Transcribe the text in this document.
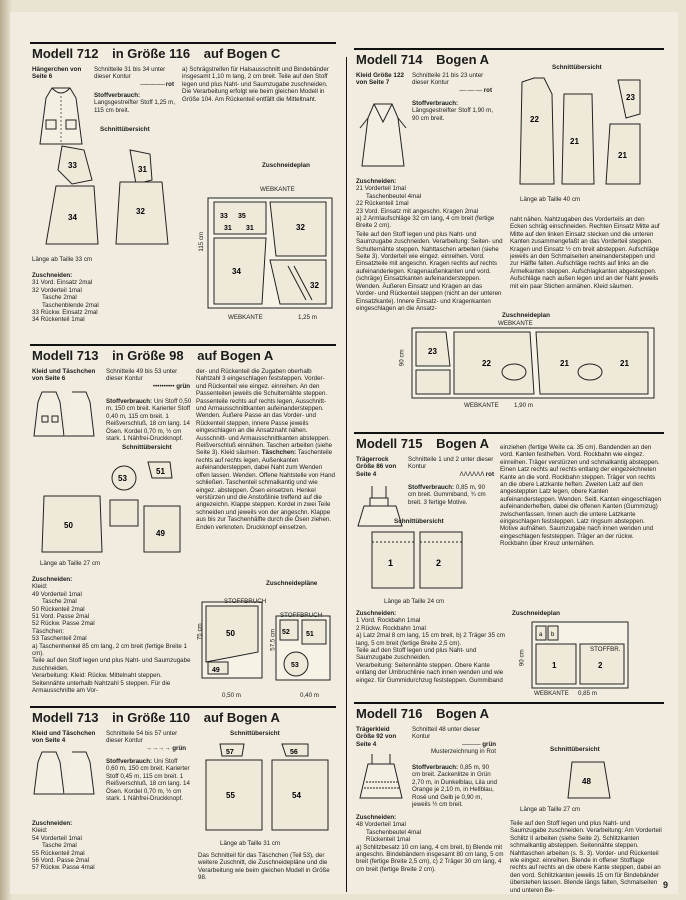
Modell 712 in Größe 116 auf Bogen C
Hängerchen von Seite 6
Schnitteile 31 bis 34 unter dieser Kontur
—·—·—·— rot
Stoffverbrauch: Langsgestreifter Stoff 1,25 m, 115 cm breit.
a) Schrägstreifen für Halsausschnitt und Bindebänder insgesamt 1,10 m lang, 2 cm breit. Teile auf den Stoff legen und plus Naht- und Saumzugabe zuschneiden. Die Verarbeitung erfolgt wie beim gleichen Modell in Größe 104. Am Rückenteil entfällt die Mitteltnaht.
Schnittübersicht
33
34
31
32
Zuschneideplan
Länge ab Taille 33 cm
Zuschneiden:
31 Vord. Einsatz 2mal
32 Vorderteil 1mal
Tasche 2mal
Taschenblende 2mal
33 Rückw. Einsatz 2mal
34 Rückenteil 1mal
WEBKANTE
33 35
31 31	32
34
32
115 cm
WEBKANTE	1,25 m
Modell 714 Bogen A
Kleid Größe 122 von Seite 7
Schnitteile 21 bis 23 unter dieser Kontur
—·—·— rot
Stoffverbrauch: Längsgestreifter Stoff 1,90 m, 90 cm breit.
Schnittübersicht
22
21
23
21
Länge ab Taille 40 cm
Zuschneiden:
21 Vorderteil 1mal
Taschenbeutel 4mal
22 Rückenteil 1mal
23 Vord. Einsatz mit angeschn. Kragen 2mal
a) 2 Armlaufschläge 32 cm lang, 4 cm breit (fertige Breite 2 cm).
Teile auf den Stoff legen und plus Naht- und Saumzugabe zuschneiden. Verarbeitung: Seiten- und Schulternähte steppen. Nahttaschen arbeiten (siehe Seite 3). Vorderteil wie eingez. einreihen. Vord. Einsatzteile mit angeschn. Kragen rechts auf rechts aufeinanderlegen. Kragenaußenkanten und vord. (schräge) Einsatzkanten aufeinandersteppen. Wenden. Äußeren Einsatz und Kragen an das Vorder- und Rückenteil steppen (nicht an der unteren Einsatzkante). Innere Einsatz- und Kragenkanten eingeschlagen an die Ansatz-
naht nähen. Nahtzugaben des Vorderteils an den Ecken schräg einschneiden. Rechten Einsatz Mitte auf Mitte auf den linken Einsatz stecken und die unteren Kanten zusammengefaßt an das Vorderteil steppen. Kragen und Einsatz ½ cm breit absteppen. Aufschläge jeweils an den Schmalseiten aneinandersteppen und zur Hälfte falten. Aufschläge rechts auf links an die Ärmelkanten steppen. Aufschlagkanten abgesteppen. Aufschläge nach außen legen und an der Naht jeweils mit ein paar Stichen annähen. Kleid säumen.
Zuschneideplan
WEBKANTE
23
22	21	21
90 cm
WEBKANTE 1,90 m
Modell 713 in Größe 98 auf Bogen A
Kleid und Täschchen von Seite 6
Schnitteile 49 bis 53 unter dieser Kontur
•••••••••• grün
Stoffverbrauch: Uni Stoff 0,50 m, 150 cm breit. Karierter Stoff 0,40 m, 115 cm breit. 1 Reißverschluß, 18 cm lang. 14 Ösen. Kordel 0,70 m, ½ cm stark. 1 Nähfrei-Druckknopf.
der- und Rückenteil die Zugaben oberhalb Nahtzahl 3 eingeschlagen feststeppen. Vorder- und Rückenteil wie eingez. einreihen. An den Passenteilen jeweils die Schulternähte steppen. Passenteile rechts auf rechts legen, Ausschnitt- und Armausschnittkanten aufeinandersteppen. Wenden. Äußere Passe an das Vorder- und Rückenteil steppen, innere Passe jeweils eingeschlagen an die Ansatznaht nähen. Ausschnitt- und Armausschnittkanten absteppen. Reißverschluß einnähen. Taschen arbeiten (siehe Seite 3). Kleid säumen. Täschchen: Taschenteile rechts auf rechts legen, Außenkanten aufeinandersteppen, dabei Naht zum Wenden offen lassen. Wenden. Offene Nahtstelle von Hand schließen. Taschenteil schmalkantig und wie eingez. absteppen. Ösen einsetzen. Henkel verstürzen und die Anstoßlinie treffend auf die angezeichn. Klappe steppen. Kordel in zwei Teile schneiden und jeweils von der angeschn. Klappe aus bis zur Taschenhälfte durch die Ösen ziehen. Enden verknoten. Druckknopf einsetzen.
Schnittübersicht
50
53
51
49
Länge ab Taille 27 cm
Zuschneiden:
Kleid:
49 Vorderteil 1mal
Tasche 2mal
50 Rückenteil 2mal
51 Vord. Passe 2mal
52 Rückw. Passe 2mal
Täschchen:
53 Taschenteil 2mal
a) Taschenhenkel 85 cm lang, 2 cm breit (fertige Breite 1 cm).
Teile auf den Stoff legen und plus Naht- und Saumzugabe zuschneiden.
Verarbeitung: Kleid: Rückw. Mittelnaht steppen. Seitennähte unterhalb Nahtzahl 5 steppen. Für die Armausschnitte am Vor-
Zuschneidepläne
50
49
52 51
53
STOFFBRUCH
STOFFBRUCH
75 cm	57,5 cm
0,50 m	0,40 m
Modell 715 Bogen A
Trägerrock Größe 86 von Seite 4
Schnitteile 1 und 2 unter dieser Kontur
ΛΛΛΛΛΛ rot
Stoffverbrauch: 0,85 m, 90 cm breit. Gummiband, ¾ cm breit. 3 fertige Motive.
einziehen (fertige Weite ca. 35 cm). Bandenden an den vord. Kanten festheften. Vord. Rockbahn wie eingez. einreihen. Träger verstürzen und schmalkantig absteppen. Einen Latz rechts auf rechts entlang der eingezeichneten Kante an die vord. Rockbahn steppen. Träger von rechts an die obere Latzkante heften. Zweiten Latz auf den angesteppten Latz legen, obere Kanten aufeinandersteppen. Wenden. Seitl. Kanten eingeschlagen aufeinanderheften, dabei die offenen Kanten (Gummizug) zwischenfassen. Innen auch die untere Latzkante eingeschlagen feststeppen. Latz ringsum absteppen. Motive aufnähen. Saumzugabe nach innen wenden und eingeschlagen feststeppen. Träger an der rückw. Rockbahn über Kreuz unternähen.
Schnittübersicht
1	2
Länge ab Taille 24 cm
Zuschneiden:
1 Vord. Rockbahn 1mal
2 Rückw. Rockbahn 1mal
a) Latz 2mal 8 cm lang, 15 cm breit, b) 2 Träger 35 cm lang, 5 cm breit (fertige Breite 2,5 cm).
Teile auf den Stoff legen und plus Naht- und Saumzugabe zuschneiden.
Verarbeitung: Seitennähte steppen. Obere Kante entlang der Umbruchlinie nach innen wenden und wie eingez. für Gummidurchzug feststeppen. Gummiband
Zuschneideplan
a b
1	2
STOFFBR.
90 cm
WEBKANTE 0,85 m
Modell 713 in Größe 110 auf Bogen A
Kleid und Täschchen von Seite 4
Schnitteile 54 bis 57 unter dieser Kontur
→→→→ grün
Stoffverbrauch: Uni Stoff 0,60 m, 150 cm breit. Karierter Stoff 0,45 m, 115 cm breit. 1 Reißverschluß, 18 cm lang. 14 Ösen. Kordel 0,70 m, ½ cm stark. 1 Nähfrei-Druckknopf.
Schnittübersicht
57	56
55	54
Länge ab Taille 31 cm
Das Schnitteil für das Täschchen (Teil 53), der weitere Zuschnitt, die Zuschneidepläne und die Verarbeitung wie beim gleichen Modell in Größe 98.
Zuschneiden:
Kleid:
54 Vorderteil 1mal
Tasche 2mal
55 Rückenteil 2mal
56 Vord. Passe 2mal
57 Rückw. Passe 4mal
Modell 716 Bogen A
Trägerkleid Größe 92 von Seite 4
Schnitteil 48 unter dieser Kontur
——— grün
Musterzeichnung in Rot
Stoffverbrauch: 0,85 m, 90 cm breit. Zackenlitze in Grün 2,70 m, in Dunkelblau, Lila und Orange je 2,10 m, in Hellblau, Rosé und Gelb je 0,90 m, jeweils ½ cm breit.
Zuschneiden:
48 Vorderteil 1mal
Taschenbeutel 4mal
Rückenteil 1mal
a) Schlitzbesatz 10 cm lang, 4 cm breit, b) Blende mit angeschn. Bindebändern insgesamt 80 cm lang, 5 cm breit (fertige Breite 2,5 cm), c) 2 Träger 30 cm lang, 4 cm breit (fertige Breite 2 cm).
Schnittübersicht
48
Länge ab Taille 27 cm
Teile auf den Stoff legen und plus Naht- und Saumzugabe zuschneiden. Verarbeitung: Am Vorderteil Schlitz II arbeiten (siehe Seite 2). Schlitzkanten schmalkantig absteppen. Seitennähte steppen. Nahttaschen arbeiten (s. S. 3). Vorder- und Rückenteil wie eingez. einreihen. Blende in offener Stofflage rechts auf rechts an die obere Kante steppen, dabei an den vord. Schlitzkanten jeweils 15 cm für Bindebänder überstehen lassen. Blende längs falten, Schmalseiten und unteren Be-
9
